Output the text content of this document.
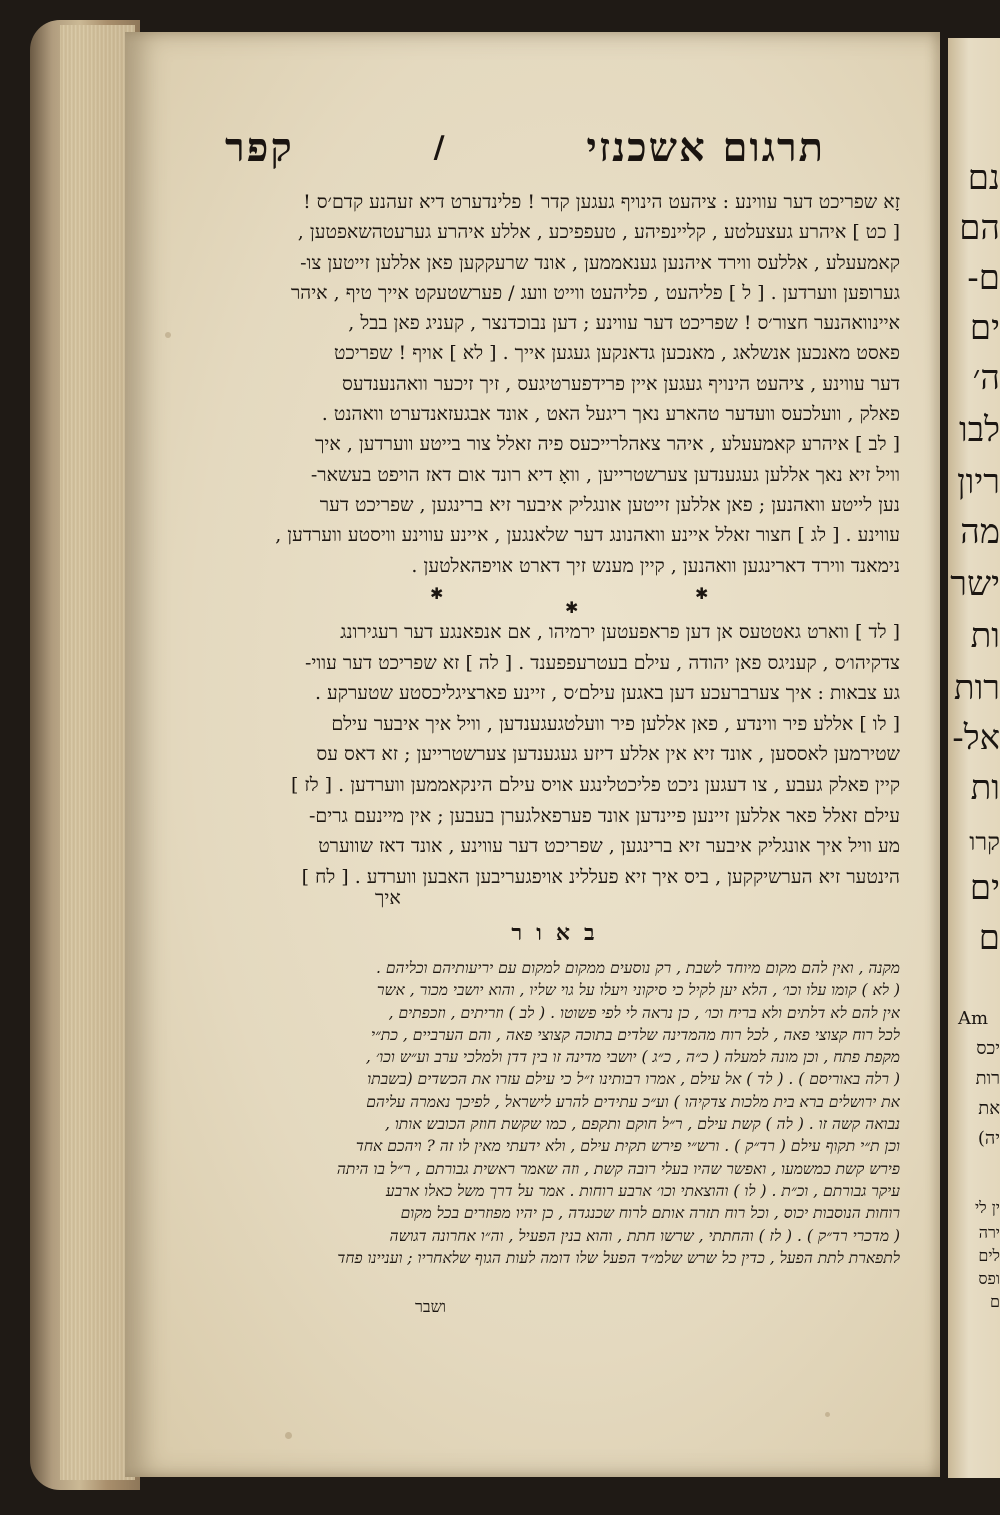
תרגום אשכנזי
/
קפר
זָא שפריכט דער עווינע : ציהעט הינויף געגען קדר ! פלינדערט דיא זעהנע קדם׳ס !
[ כט ] איהרע געצעלטע , קליינפיהע , טעפפיכע , אללע איהרע גערעטהשאפטען ,
קאמעעלע , אללעס ווירד איהנען גענאממען , אונד שרעקקען פאן אללען זייטען צו-
גערופען ווערדען . [ ל ] פליהעט , פליהעט ווייט וועג / פערשטעקט אייך טיף , איהר
איינוואהנער חצור׳ס ! שפריכט דער עווינע ; דען נבוכדנצר , קעניג פאן בבל ,
פאסט מאנכען אנשלאג , מאנכען גדאנקען געגען אייך . [ לא ] אויף ! שפריכט
דער עווינע , ציהעט הינויף געגען איין פרידפערטיגעס , זיך זיכער וואהנענדעס
פאלק , וועלכעס וועדער טהארע נאך ריגעל האט , אונד אבגעזאנדערט וואהנט .
[ לב ] איהרע קאמעעלע , איהר צאהלרייכעס פיה זאלל צור בייטע ווערדען , איך
וויל זיא נאך אללען געגענדען צערשטרייען , וואָ דיא רונד אום דאז הויפט בעשאר-
נען לייטע וואהנען ; פאן אללען זייטען אונגליק איבער זיא ברינגען , שפריכט דער
עווינע . [ לג ] חצור זאלל איינע וואהנונג דער שלאנגען , איינע עווינע וויסטע ווערדען ,
נימאנד ווירד דארינגען וואהנען , קיין מענש זיך דארט אויפהאלטען .
✱
✱
✱
[ לד ] ווארט גאטטעס אן דען פראפעטען ירמיהו , אם אנפאנגע דער רעגירונג
צדקיהו׳ס , קעניגס פאן יהודה , עילם בעטרעפפענד . [ לה ] זא שפריכט דער עווי-
גע צבאות : איך צערברעכע דען באגען עילם׳ס , זיינע פארציגליכסטע שטערקע .
[ לו ] אללע פיר ווינדע , פאן אללען פיר וועלטגעגענדען , וויל איך איבער עילם
שטירמען לאססען , אונד זיא אין אללע דיזע געגענדען צערשטרייען ; זא דאס עס
קיין פאלק געבע , צו דעגען ניכט פליכטלינגע אויס עילם הינקאממען ווערדען . [ לז ]
עילם זאלל פאר אללען זיינען פיינדען אונד פערפאלגערן בעבען ; אין מיינעם גרים-
מע וויל איך אונגליק איבער זיא ברינגען , שפריכט דער עווינע , אונד דאז שווערט
הינטער זיא הערשיקקען , ביס איך זיא פעללינ אויפגעריבען האבען ווערדע . [ לח ]
איך
באור
מקנה , ואין להם מקום מיוחד לשבת , רק נוסעים ממקום למקום עם יריעותיהם וכליהם .
( לא ) קומו עלו וכו׳ , הלא יען לקיל כי סיקוני ויעלו על גוי שליו , והוא יושבי מכור , אשר
אין להם לא דלתים ולא בריח וכו׳ , כן נראה לי לפי פשוטו . ( לב ) וזריתים , וזכפתים ,
לכל רוח קצוצי פאה , לכל רוח מהמדינה שלדים בתוכה קצוצי פאה , והם הערביים , כת״י
מקפת פתח , וכן מונה למעלה ( כ״ה , כ״ג ) יושבי מדינה זו בין דדן ולמלכי ערב וע״ש וכו׳ ,
( רלה באוריסם ) . ( לד ) אל עילם , אמרו רבותינו ז״ל כי עילם עזרו את הכשדים (בשבתו
את ירושלים ברא בית מלכות צדקיהו ) וע״כ עתידים להרע לישראל , לפיכך נאמרה עליהם
נבואה קשה זו . ( לה ) קשת עילם , ר״ל חוקם ותקפם , כמו שקשת חוזק הכובש אותו ,
וכן ת״י תקוף עילם ( רד״ק ) . ורש״י פירש תקית עילם , ולא ידעתי מאין לו זה ? ויהכם אחד
פירש קשת כמשמעו , ואפשר שהיו בעלי רובה קשת , וזה שאמר ראשית גבורתם , ר״ל בו היתה
עיקר גבורתם , וכ״ת . ( לו ) והוצאתי וכו׳ ארבע רוחות . אמר על דרך משל כאלו ארבע
רוחות הנוסבות יכוס , וכל רוח תזרה אותם לרוח שכנגדה , כן יהיו מפוזרים בכל מקום
( מדכרי רד״ק ) . ( לז ) והחתתי , שרשו חתת , והוא בנין הפעיל , וה״ו אחרונה דגושה
לתפארת לתת הפעל , כדין כל שרש שלמ״ד הפעל שלו דומה לעות הגוף שלאחריו ; ועניינו פחד
ושבר
נם
הם
ם-
ים
ה׳
לבו
ריון
מה
ישר
ות
רות
אל-
ות
קרו
ים
ם
Am
יכס
רות
את
יה)
ין לי
ירה
לים
ופס
ם
